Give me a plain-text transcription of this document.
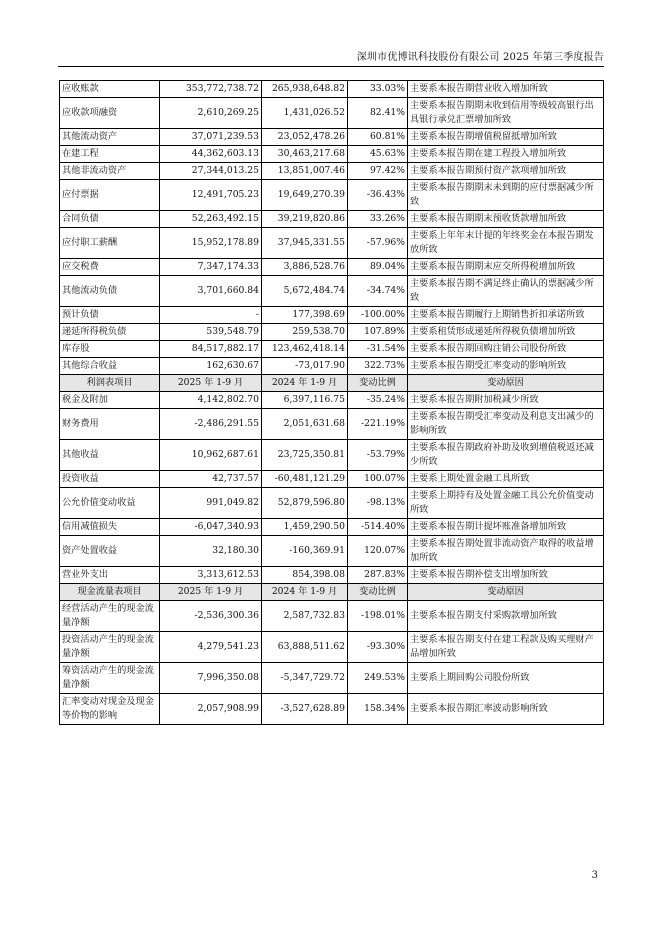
深圳市优博讯科技股份有限公司 2025 年第三季度报告
应收账款	353,772,738.72	265,938,648.82	33.03%	主要系本报告期营业收入增加所致
应收款项融资	2,610,269.25	1,431,026.52	82.41%	主要系本报告期期末收到信用等级较高银行出具银行承兑汇票增加所致
其他流动资产	37,071,239.53	23,052,478.26	60.81%	主要系本报告期增值税留抵增加所致
在建工程	44,362,603.13	30,463,217.68	45.63%	主要系本报告期在建工程投入增加所致
其他非流动资产	27,344,013.25	13,851,007.46	97.42%	主要系本报告期预付资产款项增加所致
应付票据	12,491,705.23	19,649,270.39	-36.43%	主要系本报告期期末未到期的应付票据减少所致
合同负债	52,263,492.15	39,219,820.86	33.26%	主要系本报告期期末预收货款增加所致
应付职工薪酬	15,952,178.89	37,945,331.55	-57.96%	主要系上年年末计提的年终奖金在本报告期发放所致
应交税费	7,347,174.33	3,886,528.76	89.04%	主要系本报告期期末应交所得税增加所致
其他流动负债	3,701,660.84	5,672,484.74	-34.74%	主要系本报告期不满足终止确认的票据减少所致
预计负债	-	177,398.69	-100.00%	主要系本报告期履行上期销售折扣承诺所致
递延所得税负债	539,548.79	259,538.70	107.89%	主要系租赁形成递延所得税负债增加所致
库存股	84,517,882.17	123,462,418.14	-31.54%	主要系本报告期回购注销公司股份所致
其他综合收益	162,630.67	-73,017.90	322.73%	主要系本报告期受汇率变动的影响所致
利润表项目	2025 年 1-9 月	2024 年 1-9 月	变动比例	变动原因
税金及附加	4,142,802.70	6,397,116.75	-35.24%	主要系本报告期附加税减少所致
财务费用	-2,486,291.55	2,051,631.68	-221.19%	主要系本报告期受汇率变动及利息支出减少的影响所致
其他收益	10,962,687.61	23,725,350.81	-53.79%	主要系本报告期政府补助及收到增值税返还减少所致
投资收益	42,737.57	-60,481,121.29	100.07%	主要系上期处置金融工具所致
公允价值变动收益	991,049.82	52,879,596.80	-98.13%	主要系上期持有及处置金融工具公允价值变动所致
信用减值损失	-6,047,340.93	1,459,290.50	-514.40%	主要系本报告期计提坏账准备增加所致
资产处置收益	32,180.30	-160,369.91	120.07%	主要系本报告期处置非流动资产取得的收益增加所致
营业外支出	3,313,612.53	854,398.08	287.83%	主要系本报告期补偿支出增加所致
现金流量表项目	2025 年 1-9 月	2024 年 1-9 月	变动比例	变动原因
经营活动产生的现金流量净额	-2,536,300.36	2,587,732.83	-198.01%	主要系本报告期支付采购款增加所致
投资活动产生的现金流量净额	4,279,541.23	63,888,511.62	-93.30%	主要系本报告期支付在建工程款及购买理财产品增加所致
筹资活动产生的现金流量净额	7,996,350.08	-5,347,729.72	249.53%	主要系上期回购公司股份所致
汇率变动对现金及现金等价物的影响	2,057,908.99	-3,527,628.89	158.34%	主要系本报告期汇率波动影响所致
3
